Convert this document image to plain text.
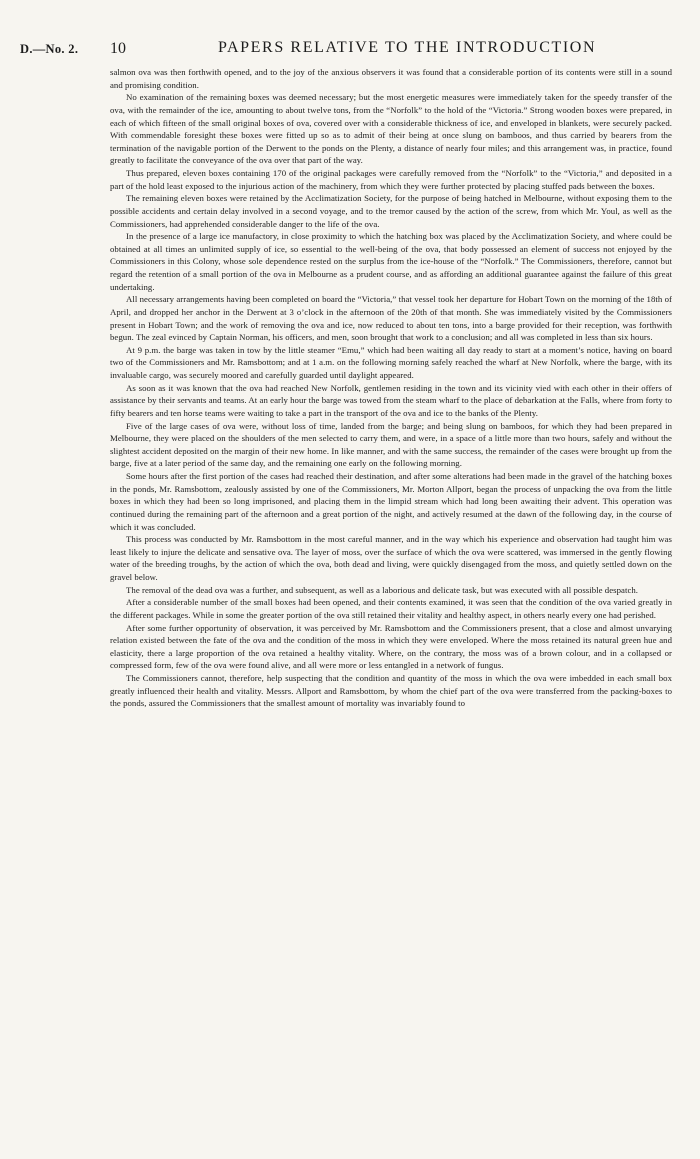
D.—No. 2. 10	PAPERS RELATIVE TO THE INTRODUCTION

salmon ova was then forthwith opened, and to the joy of the anxious observers it was found that a considerable portion of its contents were still in a sound and promising condition.

No examination of the remaining boxes was deemed necessary; but the most energetic measures were immediately taken for the speedy transfer of the ova, with the remainder of the ice, amounting to about twelve tons, from the “Norfolk” to the hold of the “Victoria.” Strong wooden boxes were prepared, in each of which fifteen of the small original boxes of ova, covered over with a considerable thickness of ice, and enveloped in blankets, were securely packed. With commendable foresight these boxes were fitted up so as to admit of their being at once slung on bamboos, and thus carried by bearers from the termination of the navigable portion of the Derwent to the ponds on the Plenty, a distance of nearly four miles; and this arrangement was, in practice, found greatly to facilitate the conveyance of the ova over that part of the way.

Thus prepared, eleven boxes containing 170 of the original packages were carefully removed from the “Norfolk” to the “Victoria,” and deposited in a part of the hold least exposed to the injurious action of the machinery, from which they were further protected by placing stuffed pads between the boxes.

The remaining eleven boxes were retained by the Acclimatization Society, for the purpose of being hatched in Melbourne, without exposing them to the possible accidents and certain delay involved in a second voyage, and to the tremor caused by the action of the screw, from which Mr. Youl, as well as the Commissioners, had apprehended considerable danger to the life of the ova.

In the presence of a large ice manufactory, in close proximity to which the hatching box was placed by the Acclimatization Society, and where could be obtained at all times an unlimited supply of ice, so essential to the well-being of the ova, that body possessed an element of success not enjoyed by the Commissioners in this Colony, whose sole dependence rested on the surplus from the ice-house of the “Norfolk.” The Commissioners, therefore, cannot but regard the retention of a small portion of the ova in Melbourne as a prudent course, and as affording an additional guarantee against the failure of this great undertaking.

All necessary arrangements having been completed on board the “Victoria,” that vessel took her departure for Hobart Town on the morning of the 18th of April, and dropped her anchor in the Derwent at 3 o’clock in the afternoon of the 20th of that month. She was immediately visited by the Commissioners present in Hobart Town; and the work of removing the ova and ice, now reduced to about ten tons, into a barge provided for their reception, was forthwith begun. The zeal evinced by Captain Norman, his officers, and men, soon brought that work to a conclusion; and all was completed in less than six hours.

At 9 p.m. the barge was taken in tow by the little steamer “Emu,” which had been waiting all day ready to start at a moment’s notice, having on board two of the Commissioners and Mr. Ramsbottom; and at 1 a.m. on the following morning safely reached the wharf at New Norfolk, where the barge, with its invaluable cargo, was securely moored and carefully guarded until daylight appeared.

As soon as it was known that the ova had reached New Norfolk, gentlemen residing in the town and its vicinity vied with each other in their offers of assistance by their servants and teams. At an early hour the barge was towed from the steam wharf to the place of debarkation at the Falls, where from forty to fifty bearers and ten horse teams were waiting to take a part in the transport of the ova and ice to the banks of the Plenty.

Five of the large cases of ova were, without loss of time, landed from the barge; and being slung on bamboos, for which they had been prepared in Melbourne, they were placed on the shoulders of the men selected to carry them, and were, in a space of a little more than two hours, safely and without the slightest accident deposited on the margin of their new home. In like manner, and with the same success, the remainder of the cases were brought up from the barge, five at a later period of the same day, and the remaining one early on the following morning.

Some hours after the first portion of the cases had reached their destination, and after some alterations had been made in the gravel of the hatching boxes in the ponds, Mr. Ramsbottom, zealously assisted by one of the Commissioners, Mr. Morton Allport, began the process of unpacking the ova from the little boxes in which they had been so long imprisoned, and placing them in the limpid stream which had long been awaiting their advent. This operation was continued during the remaining part of the afternoon and a great portion of the night, and actively resumed at the dawn of the following day, in the course of which it was concluded.

This process was conducted by Mr. Ramsbottom in the most careful manner, and in the way which his experience and observation had taught him was least likely to injure the delicate and sensative ova. The layer of moss, over the surface of which the ova were scattered, was immersed in the gently flowing water of the breeding troughs, by the action of which the ova, both dead and living, were quickly disengaged from the moss, and quietly settled down on the gravel below.

The removal of the dead ova was a further, and subsequent, as well as a laborious and delicate task, but was executed with all possible despatch.

After a considerable number of the small boxes had been opened, and their contents examined, it was seen that the condition of the ova varied greatly in the different packages. While in some the greater portion of the ova still retained their vitality and healthy aspect, in others nearly every one had perished.

After some further opportunity of observation, it was perceived by Mr. Ramsbottom and the Commissioners present, that a close and almost unvarying relation existed between the fate of the ova and the condition of the moss in which they were enveloped. Where the moss retained its natural green hue and elasticity, there a large proportion of the ova retained a healthy vitality. Where, on the contrary, the moss was of a brown colour, and in a collapsed or compressed form, few of the ova were found alive, and all were more or less entangled in a network of fungus.

The Commissioners cannot, therefore, help suspecting that the condition and quantity of the moss in which the ova were imbedded in each small box greatly influenced their health and vitality. Messrs. Allport and Ramsbottom, by whom the chief part of the ova were transferred from the packing-boxes to the ponds, assured the Commissioners that the smallest amount of mortality was invariably found to
